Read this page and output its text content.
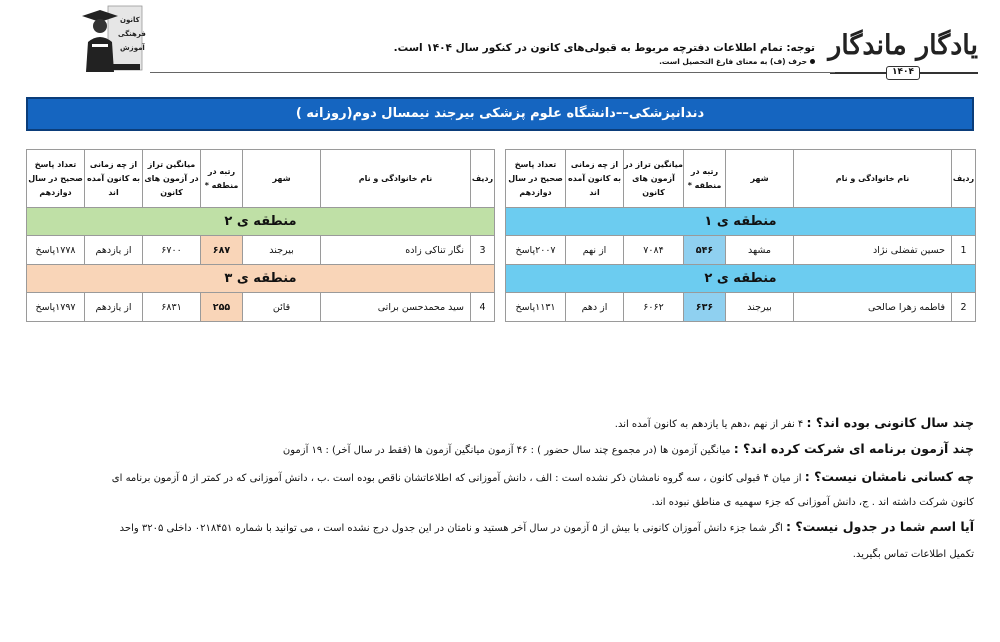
یادگار ماندگار
۱۴۰۴
توجه: تمام اطلاعات دفترچه مربوط به قبولی‌های کانون در کنکور سال ۱۴۰۴ است.
حرف (ف) به معنای فارغ التحصیل است.
کانون
فرهنگی
آموزش
دندانپزشکی––دانشگاه علوم پزشکی بیرجند نیمسال دوم(روزانه )
ردیف	نام خانوادگی و نام	شهر	رتبه در منطقه *	میانگین تراز در آزمون های کانون	از چه زمانی به کانون آمده اند	تعداد پاسخ صحیح در سال دوازدهم
منطقه ی ۱						
1	حسین تفضلی نژاد	مشهد	۵۴۶	۷۰۸۴	از نهم	۲۰۰۷پاسخ
منطقه ی ۲						
2	فاطمه زهرا صالحی	بیرجند	۶۳۶	۶۰۶۲	از دهم	۱۱۳۱پاسخ
ردیف	نام خانوادگی و نام	شهر	رتبه در منطقه *	میانگین تراز در آزمون های کانون	از چه زمانی به کانون آمده اند	تعداد پاسخ صحیح در سال دوازدهم
منطقه ی ۲						
3	نگار تناکی زاده	بیرجند	۶۸۷	۶۷۰۰	از یازدهم	۱۷۷۸پاسخ
منطقه ی ۳						
4	سید محمدحسن براتی	قائن	۲۵۵	۶۸۳۱	از یازدهم	۱۷۹۷پاسخ
چند سال کانونی بوده اند؟ : ۴ نفر از نهم ،دهم یا یازدهم به کانون آمده اند.
چند آزمون برنامه ای شرکت کرده اند؟ : میانگین آزمون ها (در مجموع چند سال حضور ) : ۴۶ آزمون میانگین آزمون ها (فقط در سال آخر) : ۱۹ آزمون
چه کسانی نامشان نیست؟ : از میان ۴ قبولی کانون ، سه گروه نامشان ذکر نشده است : الف ، دانش آموزانی که اطلاعاتشان ناقص بوده است .ب ، دانش آموزانی که در کمتر از ۵ آزمون برنامه ای
کانون شرکت داشته اند . ج، دانش آموزانی که جزء سهمیه ی مناطق نبوده اند.
آیا اسم شما در جدول نیست؟ : اگر شما جزء دانش آموزان کانونی با بیش از ۵ آزمون در سال آخر هستید و نامتان در این جدول درج نشده است ، می توانید با شماره ۰۲۱۸۴۵۱ داخلی ۳۲۰۵ واحد
تکمیل اطلاعات تماس بگیرید.
